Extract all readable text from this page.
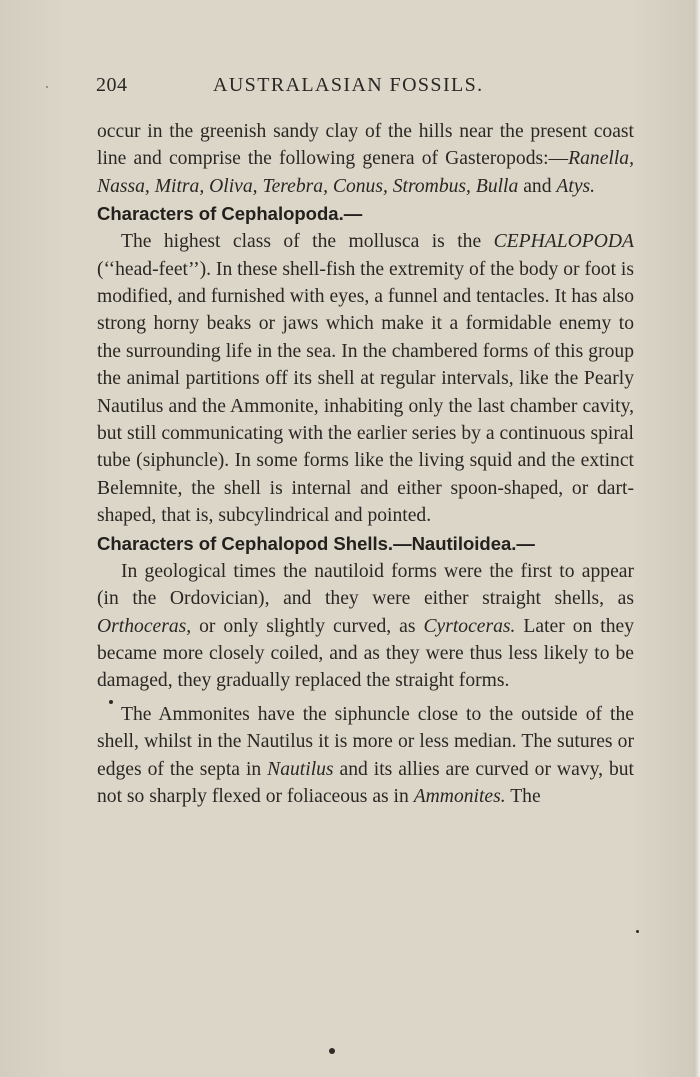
204	AUSTRALASIAN FOSSILS.

occur in the greenish sandy clay of the hills near the present coast line and comprise the following genera of Gasteropods:—Ranella, Nassa, Mitra, Oliva, Terebra, Conus, Strombus, Bulla and Atys.

Characters of Cephalopoda.—

The highest class of the mollusca is the CEPHALOPODA (‘‘head-feet’’). In these shell-fish the extremity of the body or foot is modified, and furnished with eyes, a funnel and tentacles. It has also strong horny beaks or jaws which make it a formidable enemy to the surrounding life in the sea. In the chambered forms of this group the animal partitions off its shell at regular intervals, like the Pearly Nautilus and the Ammonite, inhabiting only the last chamber cavity, but still communicating with the earlier series by a continuous spiral tube (siphuncle). In some forms like the living squid and the extinct Belemnite, the shell is internal and either spoon-shaped, or dart-shaped, that is, subcylindrical and pointed.

Characters of Cephalopod Shells.—Nautiloidea.—

In geological times the nautiloid forms were the first to appear (in the Ordovician), and they were either straight shells, as Orthoceras, or only slightly curved, as Cyrtoceras. Later on they became more closely coiled, and as they were thus less likely to be damaged, they gradually replaced the straight forms.

The Ammonites have the siphuncle close to the outside of the shell, whilst in the Nautilus it is more or less median. The sutures or edges of the septa in Nautilus and its allies are curved or wavy, but not so sharply flexed or foliaceous as in Ammonites. The
